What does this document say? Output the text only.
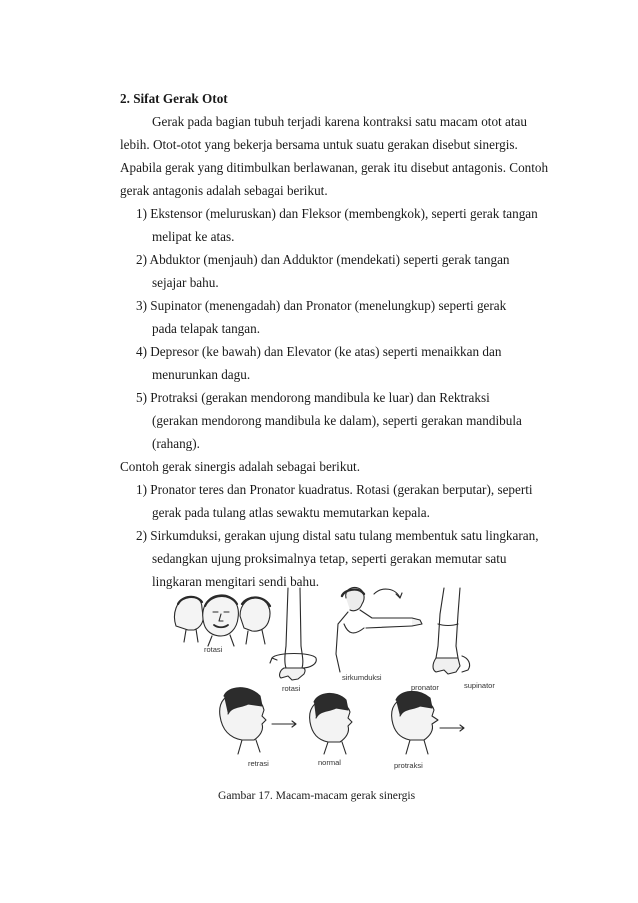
2. Sifat Gerak Otot
Gerak pada bagian tubuh terjadi karena kontraksi satu macam otot atau
lebih. Otot-otot yang bekerja bersama untuk suatu gerakan disebut sinergis.
Apabila gerak yang ditimbulkan berlawanan, gerak itu disebut antagonis. Contoh
gerak antagonis adalah sebagai berikut.
1) Ekstensor (meluruskan) dan Fleksor (membengkok), seperti gerak tangan
melipat ke atas.
2) Abduktor (menjauh) dan Adduktor (mendekati) seperti gerak tangan
sejajar bahu.
3) Supinator (menengadah) dan Pronator (menelungkup) seperti gerak
pada telapak tangan.
4) Depresor (ke bawah) dan Elevator (ke atas) seperti menaikkan dan
menurunkan dagu.
5) Protraksi (gerakan mendorong mandibula ke luar) dan Rektraksi
(gerakan mendorong mandibula ke dalam), seperti gerakan mandibula
(rahang).
Contoh gerak sinergis adalah sebagai berikut.
1) Pronator teres dan Pronator kuadratus. Rotasi (gerakan berputar), seperti
gerak pada tulang atlas sewaktu memutarkan kepala.
2) Sirkumduksi, gerakan ujung distal satu tulang membentuk satu lingkaran,
sedangkan ujung proksimalnya tetap, seperti gerakan memutar satu
lingkaran mengitari sendi bahu.
rotasi
rotasi
sirkumduksi
pronator	supinator
retrasi	normal	protraksi
Gambar 17. Macam-macam gerak sinergis
